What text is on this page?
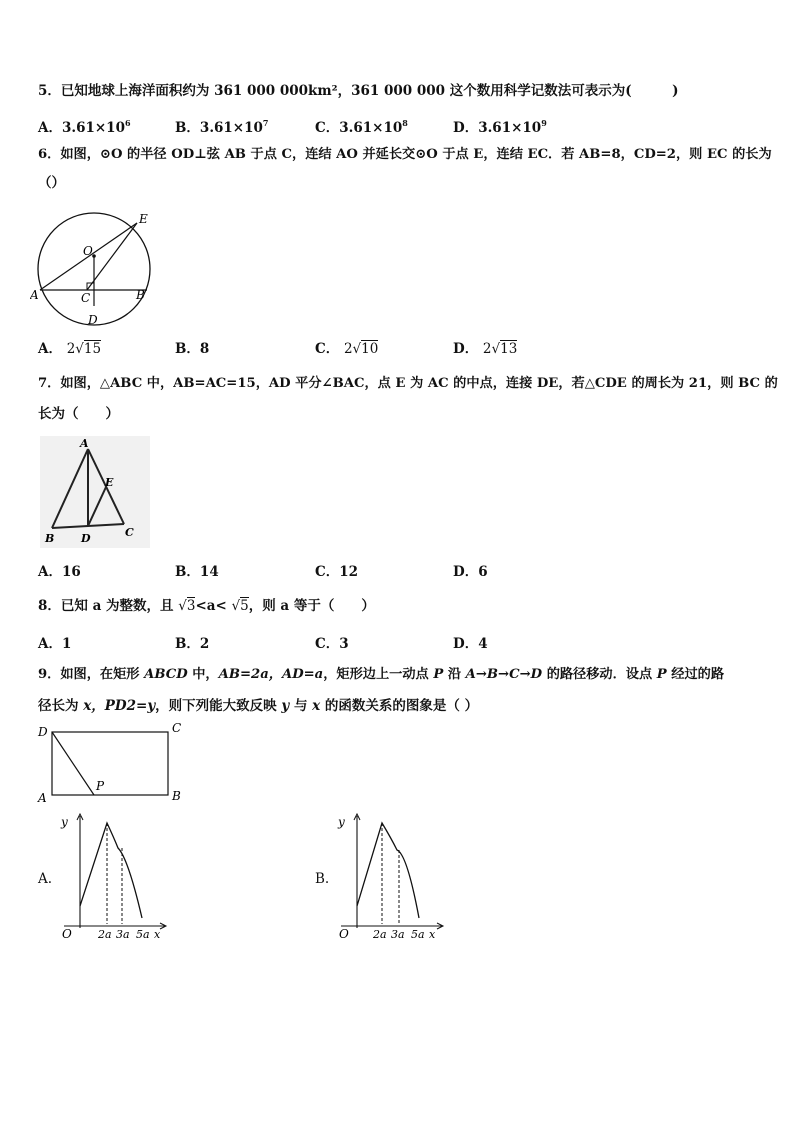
5．已知地球上海洋面积约为 361 000 000km²，361 000 000 这个数用科学记数法可表示为(　　　)
A．$3.61\times 10^6$	B．$3.61\times 10^7$	C．$3.61\times 10^8$	D．$3.61\times 10^9$
6．如图，⊙O 的半径 OD⊥弦 AB 于点 C，连结 AO 并延长交⊙O 于点 E，连结 EC．若 AB=8，CD=2，则 EC 的长为
（）
E
O
A	C	B
D
A． 2√15	B．8	C． 2√10	D． 2√13
7．如图，△ABC 中，AB=AC=15，AD 平分∠BAC，点 E 为 AC 的中点，连接 DE，若△CDE 的周长为 21，则 BC 的
长为（　　）
A
E
B D	C
A．16	B．14	C．12	D．6
8．已知 a 为整数，且 √3<a< √5，则 a 等于（　　）
A．1	B．2	C．3	D．4
9．如图，在矩形 ABCD 中，AB=2a，AD=a，矩形边上一动点 P 沿 A→B→C→D 的路径移动．设点 P 经过的路
径长为 x，PD2=y，则下列能大致反映 y 与 x 的函数关系的图象是（ ）
D	C
A	B
P
A.
y
O 2a 3a 5a x
B.
y
O 2a 3a 5a x
